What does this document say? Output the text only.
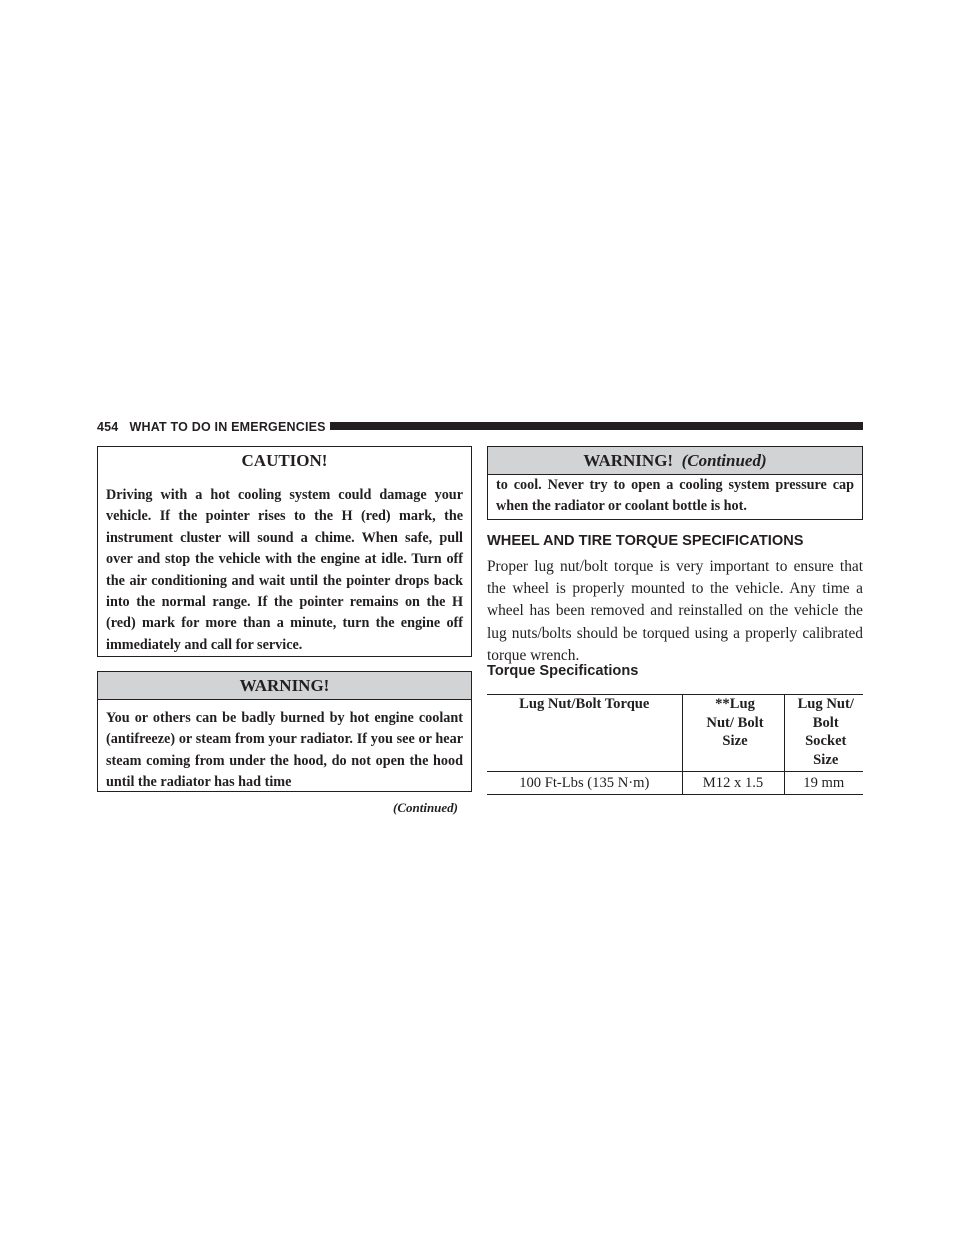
454 WHAT TO DO IN EMERGENCIES
CAUTION!
Driving with a hot cooling system could damage your vehicle. If the pointer rises to the H (red) mark, the instrument cluster will sound a chime. When safe, pull over and stop the vehicle with the engine at idle. Turn off the air conditioning and wait until the pointer drops back into the normal range. If the pointer remains on the H (red) mark for more than a minute, turn the engine off immediately and call for service.
WARNING!
You or others can be badly burned by hot engine coolant (antifreeze) or steam from your radiator. If you see or hear steam coming from under the hood, do not open the hood until the radiator has had time
(Continued)
WARNING! (Continued)
to cool. Never try to open a cooling system pressure cap when the radiator or coolant bottle is hot.
WHEEL AND TIRE TORQUE SPECIFICATIONS
Proper lug nut/bolt torque is very important to ensure that the wheel is properly mounted to the vehicle. Any time a wheel has been removed and reinstalled on the vehicle the lug nuts/bolts should be torqued using a properly calibrated torque wrench.
Torque Specifications
Lug Nut/Bolt Torque	**Lug Nut/ Bolt Size	Lug Nut/ Bolt Socket Size
100 Ft-Lbs (135 N·m)	M12 x 1.5	19 mm
